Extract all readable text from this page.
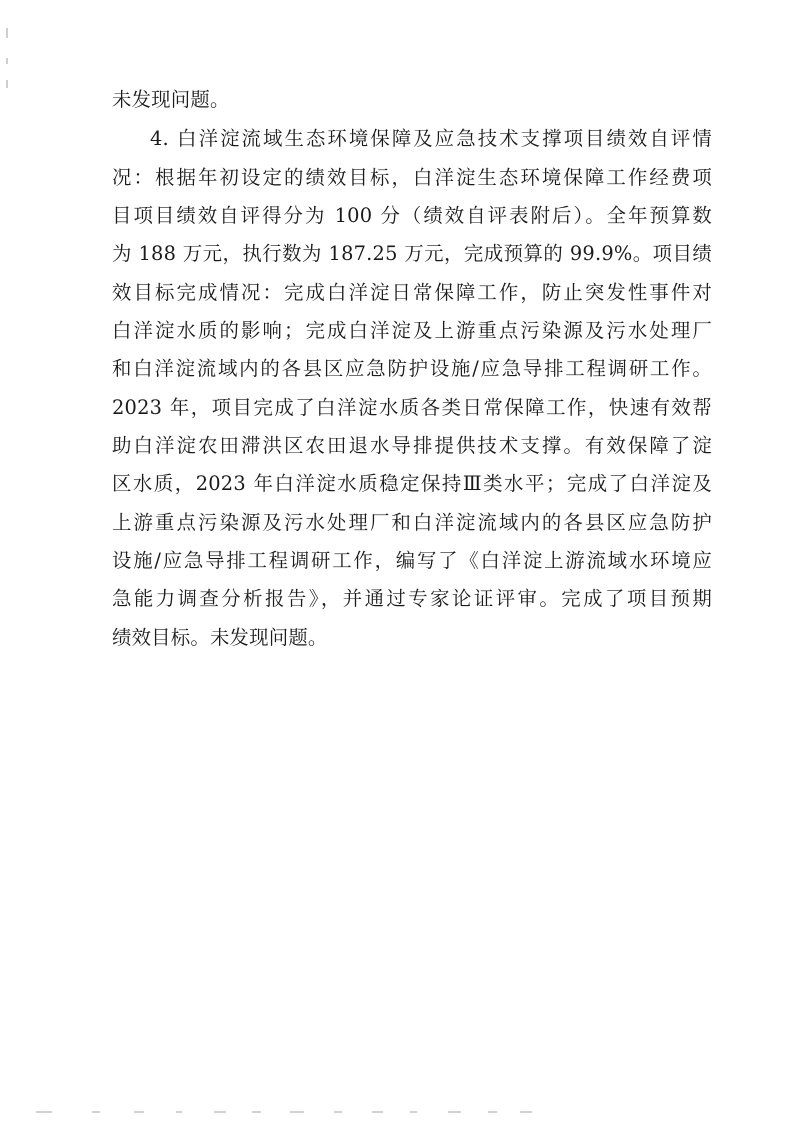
未发现问题。
4. 白洋淀流域生态环境保障及应急技术支撑项目绩效自评情
况：根据年初设定的绩效目标，白洋淀生态环境保障工作经费项
目项目绩效自评得分为 100 分（绩效自评表附后）。全年预算数
为 188 万元，执行数为 187.25 万元，完成预算的 99.9%。项目绩
效目标完成情况：完成白洋淀日常保障工作，防止突发性事件对
白洋淀水质的影响；完成白洋淀及上游重点污染源及污水处理厂
和白洋淀流域内的各县区应急防护设施/应急导排工程调研工作。
2023 年，项目完成了白洋淀水质各类日常保障工作，快速有效帮
助白洋淀农田滞洪区农田退水导排提供技术支撑。有效保障了淀
区水质，2023 年白洋淀水质稳定保持Ⅲ类水平；完成了白洋淀及
上游重点污染源及污水处理厂和白洋淀流域内的各县区应急防护
设施/应急导排工程调研工作，编写了《白洋淀上游流域水环境应
急能力调查分析报告》，并通过专家论证评审。完成了项目预期
绩效目标。未发现问题。
